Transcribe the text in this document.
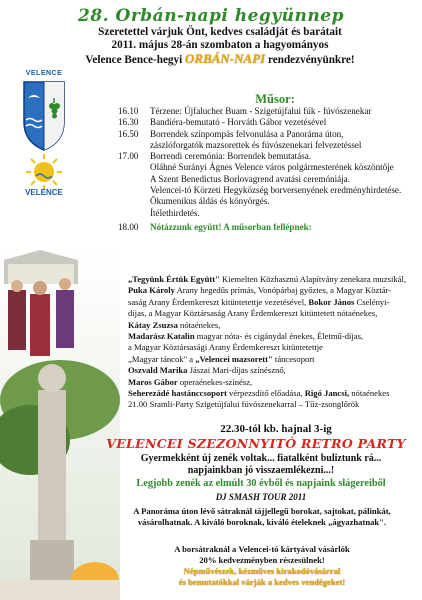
28. Orbán-napi hegyünnep
Szeretettel várjuk Önt, kedves családját és barátait
2011. május 28-án szombaton a hagyományos
Velence Bence-hegyi ORBÁN-NAPI rendezvényünkre!
VELENCE
VELENCE
Műsor:
16.10	Térzene: Újfalucher Buam - Szigetújfalui fúk - fúvószenekar
16.30	Bandiéra-bemutató - Horváth Gábor vezetésével
16.50	Borrendek színpompás felvonulása a Panoráma úton,
zászlóforgatók mazsorettek és fúvószenekari felvezetéssel
17.00	Borrendi ceremónia: Borrendek bemutatása.
Oláhné Surányi Ágnes Velence város polgármesterének köszöntője
A Szent Benedictus Borlovagrend avatási ceremóniája.
Velencei-tó Körzeti Hegyközség borversenyének eredményhirdetése.
Ökumenikus áldás és könyörgés.
Ítélethirdetés.
18.00	Nótázzunk együtt! A műsorban fellépnek:
„Tegyünk Értük Együtt" Kiemelten Közhasznú Alapítvány zenekara muzsikál,
Puka Károly Arany hegedűs prímás, Vonópárbaj győztes, a Magyar Köztár-
saság Arany Érdemkereszt kitüntetettje vezetésével, Bokor János Cselényi-
díjas, a Magyar Köztársaság Arany Érdemkereszt kitüntetett nótaénekes,
Kátay Zsuzsa nótaénekes,
Madarász Katalin magyar nóta- és cigánydal énekes, Életmű-díjas,
a Magyar Köztársasági Arany Érdemkereszt kitüntetettje
„Magyar táncok" a „Velencei mazsorett" táncesoport
Oszvald Marika Jászai Mari-díjas színésznő,
Maros Gábor operaénekes-színész,
Seherezádé hastánccsoport vérpezsdítő előadása, Rigó Jancsi, nótaénekes
21.00 Sramli-Party Szigetújfalui fúvószenekarral – Tűz-zsonglőrök
22.30-tól kb. hajnal 3-ig
VELENCEI SZEZONNYITÓ RETRO PARTY
Gyermekként új zenék voltak... fiatalként buliztunk rá...
napjainkban jó visszaemlékezni...!
Legjobb zenék az elmúlt 30 évből és napjaink slágereiből
DJ SMASH TOUR 2011
A Panoráma úton lévő sátraknál tájjellegű borokat, sajtokat, pálinkát,
vásárolhatnak. A kiváló boroknak, kiváló ételeknek „ágyazhatnak".
A borsátraknál a Velencei-tó kártyával vásárlók
20% kedvezményben részesülnek!
Népművészek, kézműves kirakodóvásárral
és bemutatókkal várják a kedves vendégeket!
